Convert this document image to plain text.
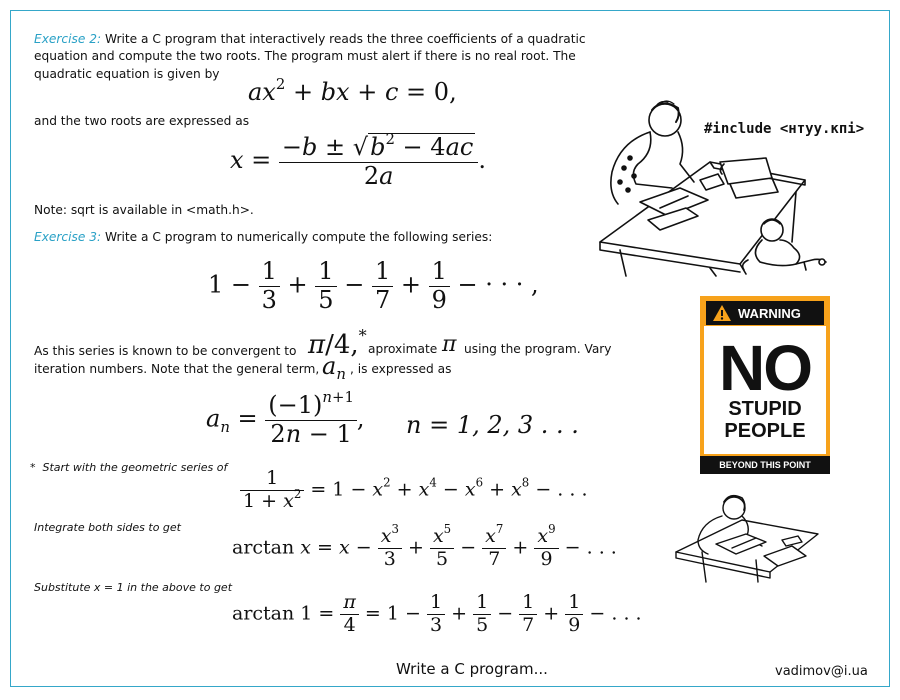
Exercise 2: Write a C program that interactively reads the three coefficients of a quadratic
equation and compute the two roots. The program must alert if there is no real root. The
quadratic equation is given by
$ax^2$ + bx + c = 0,
and the two roots are expressed as
$x = \frac{-b \pm √b^2 - 4ac}{2a}$ .
Note: sqrt is available in <math.h>.
Exercise 3: Write a C program to numerically compute the following series:
$1 - \frac{1}{3} + \frac{1}{5} - \frac{1}{7} + \frac{1}{9}$ − · · · ,
As this series is known to be convergent to π/4,*
aproximate π using the program. Vary
iteration numbers. Note that the general term, $a_n$ , is expressed as
$a_n = \frac{(-1)^{n+1}}{2n - 1}$ , n = 1, 2, 3 . . .
*  Start with the geometric series of
$\frac{1}{1 + x^2} = 1 - x^2 + x^4 - x^6 + x^8$ − . . .
Integrate both sides to get
$\arctan x = x - \frac{x^3}{3} + \frac{x^5}{5} - \frac{x^7}{7} + \frac{x^9}{9}$ − . . .
Substitute x = 1 in the above to get
$\arctan 1 = \frac{\pi}{4} = 1 - \frac{1}{3} + \frac{1}{5} - \frac{1}{7} + \frac{1}{9}$ − . . .
#include <нтуу.кпі>
WARNING
NO
STUPID
PEOPLE
BEYOND THIS POINT
Write a C program...	vadimov@i.ua
